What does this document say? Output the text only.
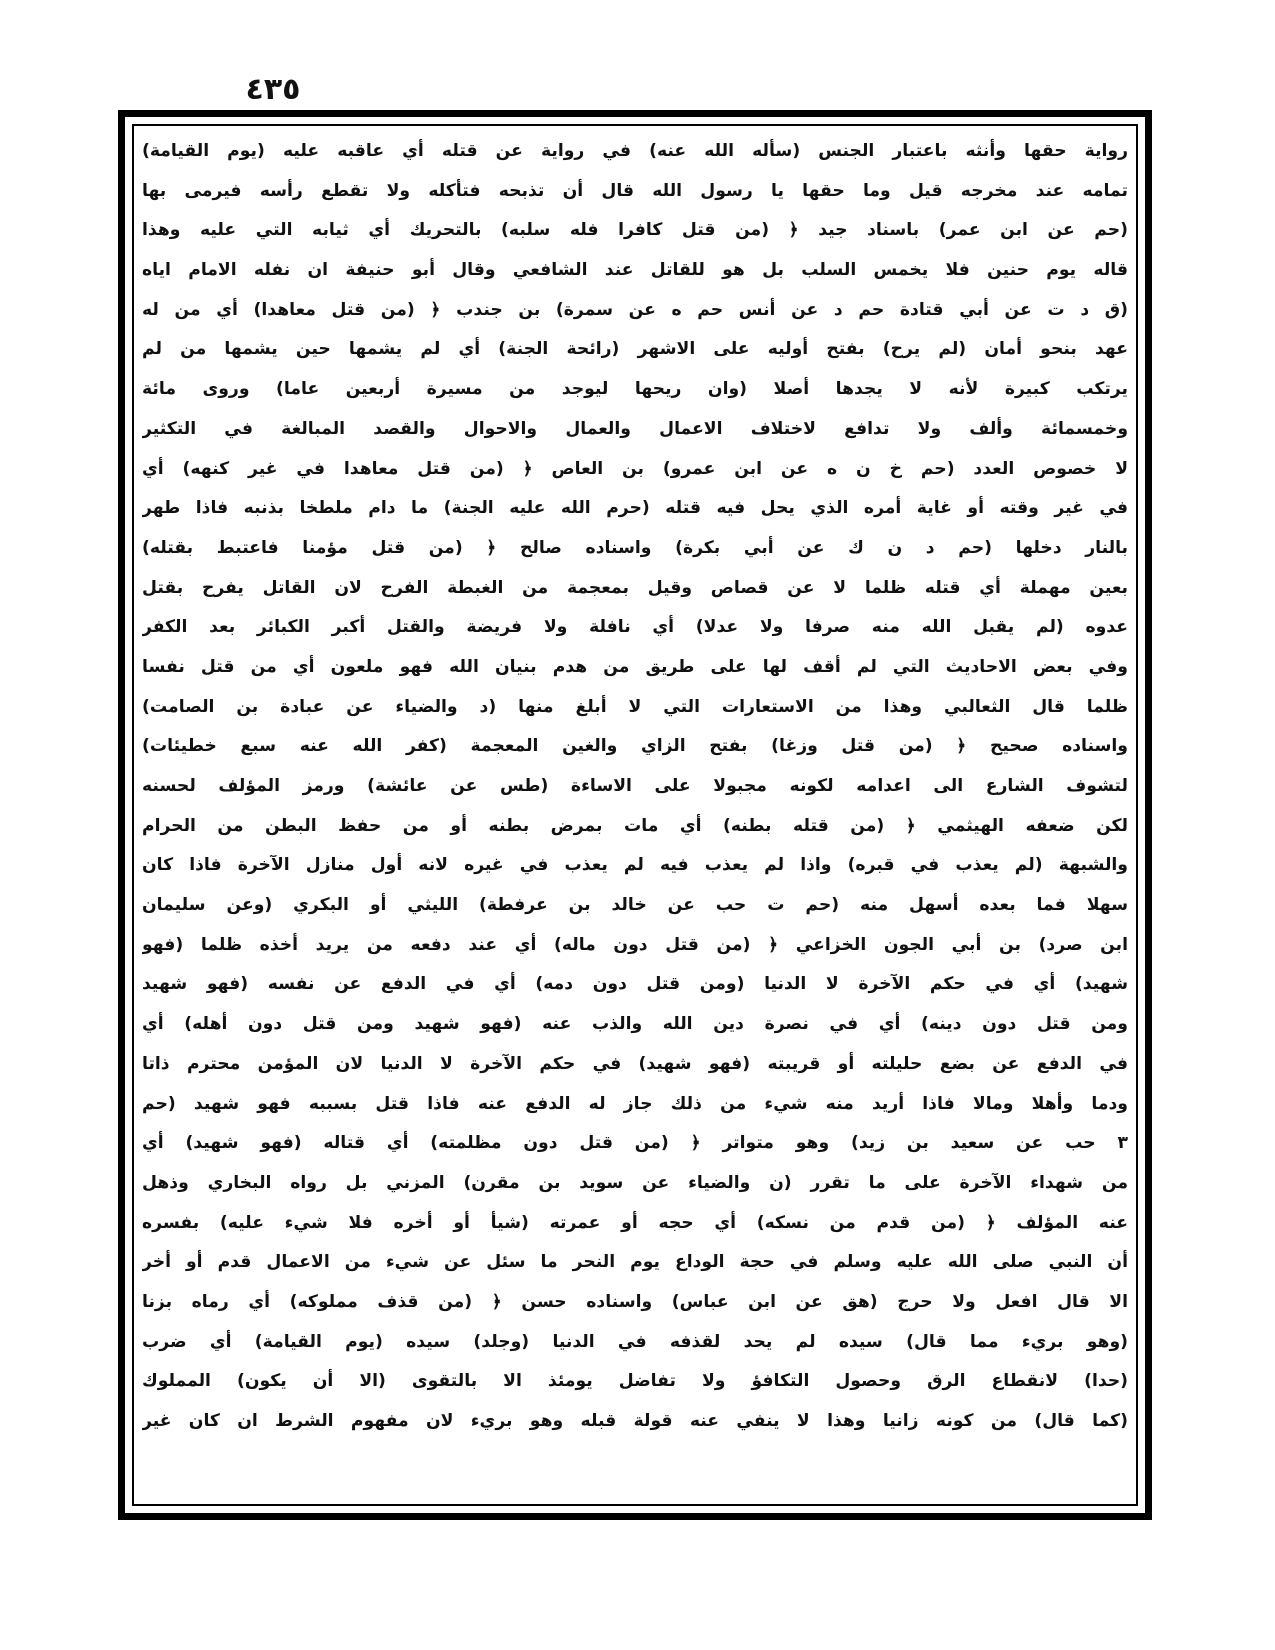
٤٣٥
رواية حقها وأنثه باعتبار الجنس (سأله الله عنه) في رواية عن قتله أي عاقبه عليه (يوم القيامة)
تمامه عند مخرجه قيل وما حقها يا رسول الله قال أن تذبحه فتأكله ولا تقطع رأسه فيرمى بها
(حم عن ابن عمر) باسناد جيد ﴿ (من قتل كافرا فله سلبه) بالتحريك أي ثيابه التي عليه وهذا
قاله يوم حنين فلا يخمس السلب بل هو للقاتل عند الشافعي وقال أبو حنيفة ان نفله الامام اياه
(ق د ت عن أبي قتادة حم د عن أنس حم ه عن سمرة) بن جندب ﴿ (من قتل معاهدا) أي من له
عهد بنحو أمان (لم يرح) بفتح أوليه على الاشهر (رائحة الجنة) أي لم يشمها حين يشمها من لم
يرتكب كبيرة لأنه لا يجدها أصلا (وان ريحها ليوجد من مسيرة أربعين عاما) وروى مائة
وخمسمائة وألف ولا تدافع لاختلاف الاعمال والعمال والاحوال والقصد المبالغة في التكثير
لا خصوص العدد (حم خ ن ه عن ابن عمرو) بن العاص ﴿ (من قتل معاهدا في غير كنهه) أي
في غير وقته أو غاية أمره الذي يحل فيه قتله (حرم الله عليه الجنة) ما دام ملطخا بذنبه فاذا طهر
بالنار دخلها (حم د ن ك عن أبي بكرة) واسناده صالح ﴿ (من قتل مؤمنا فاعتبط بقتله)
بعين مهملة أي قتله ظلما لا عن قصاص وقيل بمعجمة من الغبطة الفرح لان القاتل يفرح بقتل
عدوه (لم يقبل الله منه صرفا ولا عدلا) أي نافلة ولا فريضة والقتل أكبر الكبائر بعد الكفر
وفي بعض الاحاديث التي لم أقف لها على طريق من هدم بنيان الله فهو ملعون أي من قتل نفسا
ظلما قال الثعالبي وهذا من الاستعارات التي لا أبلغ منها (د والضياء عن عبادة بن الصامت)
واسناده صحيح ﴿ (من قتل وزغا) بفتح الزاي والغين المعجمة (كفر الله عنه سبع خطيئات)
لتشوف الشارع الى اعدامه لكونه مجبولا على الاساءة (طس عن عائشة) ورمز المؤلف لحسنه
لكن ضعفه الهيثمي ﴿ (من قتله بطنه) أي مات بمرض بطنه أو من حفظ البطن من الحرام
والشبهة (لم يعذب في قبره) واذا لم يعذب فيه لم يعذب في غيره لانه أول منازل الآخرة فاذا كان
سهلا فما بعده أسهل منه (حم ت حب عن خالد بن عرفطة) الليثي أو البكري (وعن سليمان
ابن صرد) بن أبي الجون الخزاعي ﴿ (من قتل دون ماله) أي عند دفعه من يريد أخذه ظلما (فهو
شهيد) أي في حكم الآخرة لا الدنيا (ومن قتل دون دمه) أي في الدفع عن نفسه (فهو شهيد
ومن قتل دون دينه) أي في نصرة دين الله والذب عنه (فهو شهيد ومن قتل دون أهله) أي
في الدفع عن بضع حليلته أو قريبته (فهو شهيد) في حكم الآخرة لا الدنيا لان المؤمن محترم ذاتا
ودما وأهلا ومالا فاذا أريد منه شيء من ذلك جاز له الدفع عنه فاذا قتل بسببه فهو شهيد (حم
٣ حب عن سعيد بن زيد) وهو متواتر ﴿ (من قتل دون مظلمته) أي قتاله (فهو شهيد) أي
من شهداء الآخرة على ما تقرر (ن والضياء عن سويد بن مقرن) المزني بل رواه البخاري وذهل
عنه المؤلف ﴿ (من قدم من نسكه) أي حجه أو عمرته (شيأ أو أخره فلا شيء عليه) بفسره
أن النبي صلى الله عليه وسلم في حجة الوداع يوم النحر ما سئل عن شيء من الاعمال قدم أو أخر
الا قال افعل ولا حرج (هق عن ابن عباس) واسناده حسن ﴿ (من قذف مملوكه) أي رماه بزنا
(وهو بريء مما قال) سيده لم يحد لقذفه في الدنيا (وجلد) سيده (يوم القيامة) أي ضرب
(حدا) لانقطاع الرق وحصول التكافؤ ولا تفاضل يومئذ الا بالتقوى (الا أن يكون) المملوك
(كما قال) من كونه زانيا وهذا لا ينفي عنه قولة قبله وهو بريء لان مفهوم الشرط ان كان غير
